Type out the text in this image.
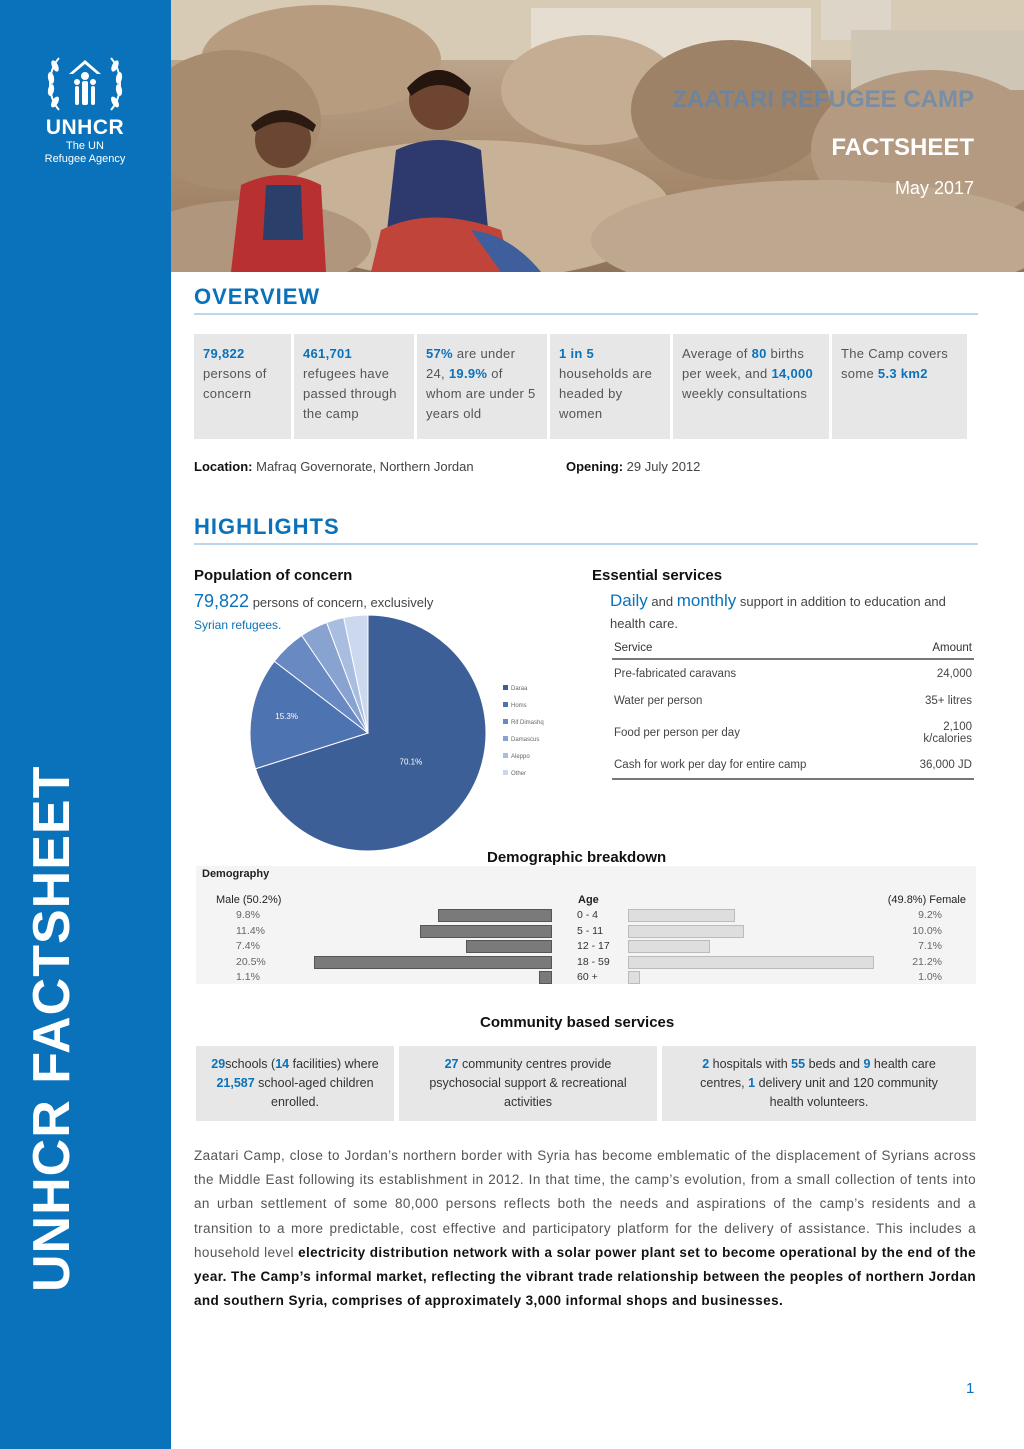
UNHCR
The UN
Refugee Agency
UNHCR FACTSHEET
ZAATARI REFUGEE CAMP
FACTSHEET
May 2017
OVERVIEW
79,822
persons of concern
461,701
refugees have passed through the camp
57% are under 24, 19.9% of whom are under 5 years old
1 in 5
households are headed by women
Average of 80 births per week, and 14,000 weekly consultations
The Camp covers some 5.3 km2
Location: Mafraq Governorate, Northern Jordan	Opening: 29 July 2012
HIGHLIGHTS
Population of concern
79,822 persons of concern, exclusively
Syrian refugees.
70.1%
15.3%
Daraa
Homs
Rif Dimashq
Damascus
Aleppo
Other
Essential services
Daily and monthly support in addition to education and health care.
Service	Amount
Pre-fabricated caravans	24,000
Water per person	35+ litres
Food per person per day	2,100 k/calories
Cash for work per day for entire camp	36,000 JD
Demographic breakdown
Demography
Male (50.2%)	Age	(49.8%) Female
9.8%	0 - 4	9.2%
11.4%	5 - 11	10.0%
7.4%	12 - 17	7.1%
20.5%	18 - 59	21.2%
1.1%	60 +	1.0%
Community based services
29schools (14 facilities) where 21,587 school-aged children enrolled.
27 community centres provide psychosocial support & recreational activities
2 hospitals with 55 beds and 9 health care centres, 1 delivery unit and 120 community health volunteers.
Zaatari Camp, close to Jordan’s northern border with Syria has become emblematic of the displacement of Syrians across the Middle East following its establishment in 2012. In that time, the camp’s evolution, from a small collection of tents into an urban settlement of some 80,000 persons reflects both the needs and aspirations of the camp’s residents and a transition to a more predictable, cost effective and participatory platform for the delivery of assistance. This includes a household level electricity distribution network with a solar power plant set to become operational by the end of the year. The Camp’s informal market, reflecting the vibrant trade relationship between the peoples of northern Jordan and southern Syria, comprises of approximately 3,000 informal shops and businesses.
1
